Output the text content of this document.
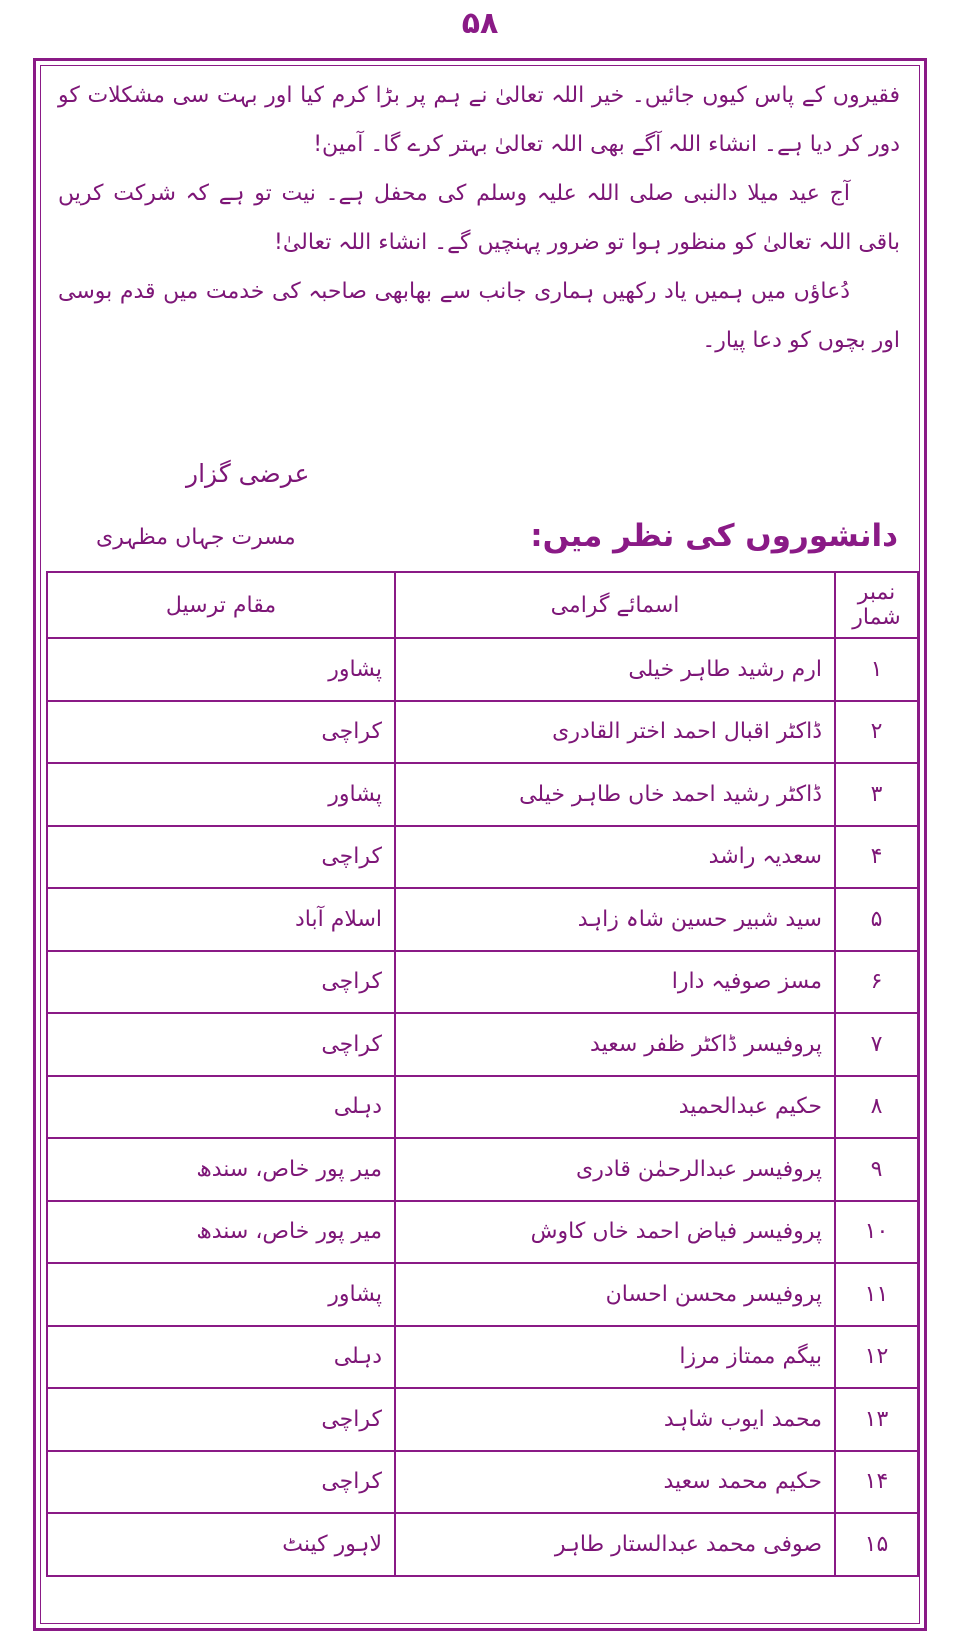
۵۸

فقیروں کے پاس کیوں جائیں۔ خیر اللہ تعالیٰ نے ہم پر بڑا کرم کیا اور بہت سی مشکلات کو دور کر دیا ہے۔ انشاء اللہ آگے بھی اللہ تعالیٰ بہتر کرے گا۔ آمین!

آج عید میلا دالنبی صلی اللہ علیہ وسلم کی محفل ہے۔ نیت تو ہے کہ شرکت کریں باقی اللہ تعالیٰ کو منظور ہوا تو ضرور پہنچیں گے۔ انشاء اللہ تعالیٰ!

دُعاؤں میں ہمیں یاد رکھیں ہماری جانب سے بھابھی صاحبہ کی خدمت میں قدم بوسی اور بچوں کو دعا پیار۔

عرضی گزار
مسرت جہاں مظہری	دانشوروں کی نظر میں:
نمبر شمار	اسمائے گرامی	مقام ترسیل
۱	ارم رشید طاہر خیلی	پشاور
۲	ڈاکٹر اقبال احمد اختر القادری	کراچی
۳	ڈاکٹر رشید احمد خاں طاہر خیلی	پشاور
۴	سعدیہ راشد	کراچی
۵	سید شبیر حسین شاہ زاہد	اسلام آباد
۶	مسز صوفیہ دارا	کراچی
۷	پروفیسر ڈاکٹر ظفر سعید	کراچی
۸	حکیم عبدالحمید	دہلی
۹	پروفیسر عبدالرحمٰن قادری	میر پور خاص، سندھ
۱۰	پروفیسر فیاض احمد خاں کاوش	میر پور خاص، سندھ
۱۱	پروفیسر محسن احسان	پشاور
۱۲	بیگم ممتاز مرزا	دہلی
۱۳	محمد ایوب شاہد	کراچی
۱۴	حکیم محمد سعید	کراچی
۱۵	صوفی محمد عبدالستار طاہر	لاہور کینٹ
